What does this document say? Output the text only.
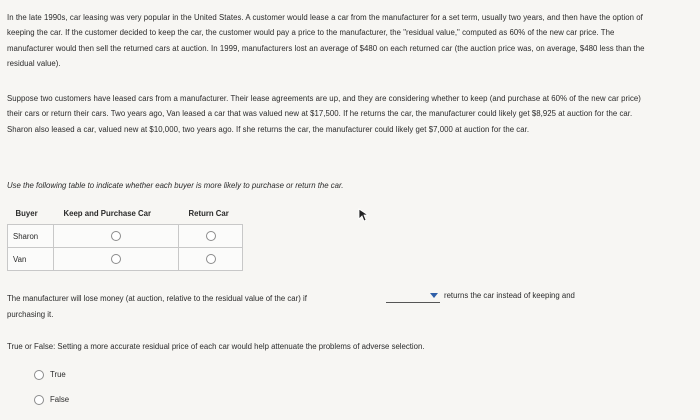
In the late 1990s, car leasing was very popular in the United States. A customer would lease a car from the manufacturer for a set term, usually two years, and then have the option of keeping the car. If the customer decided to keep the car, the customer would pay a price to the manufacturer, the "residual value," computed as 60% of the new car price. The manufacturer would then sell the returned cars at auction. In 1999, manufacturers lost an average of $480 on each returned car (the auction price was, on average, $480 less than the residual value).
Suppose two customers have leased cars from a manufacturer. Their lease agreements are up, and they are considering whether to keep (and purchase at 60% of the new car price) their cars or return their cars. Two years ago, Van leased a car that was valued new at $17,500. If he returns the car, the manufacturer could likely get $8,925 at auction for the car. Sharon also leased a car, valued new at $10,000, two years ago. If she returns the car, the manufacturer could likely get $7,000 at auction for the car.
Use the following table to indicate whether each buyer is more likely to purchase or return the car.
Buyer	Keep and Purchase Car	Return Car
Sharon		
Van		
The manufacturer will lose money (at auction, relative to the residual value of the car) if
purchasing it.
returns the car instead of keeping and
True or False: Setting a more accurate residual price of each car would help attenuate the problems of adverse selection.
True
False
